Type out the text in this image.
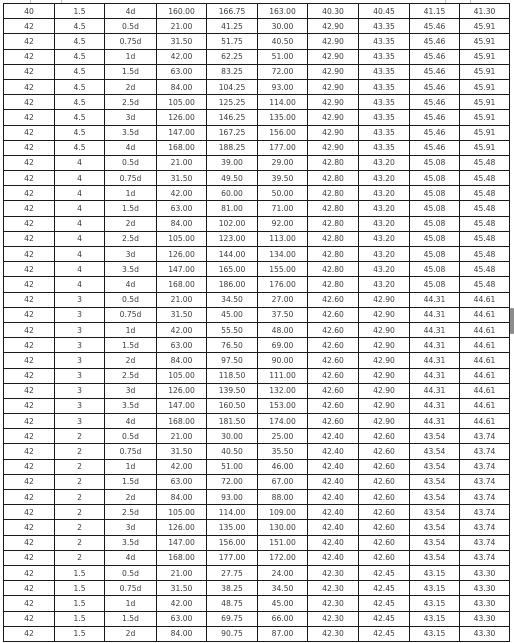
40	1.5	4d	160.00	166.75	163.00	40.30	40.45	41.15	41.30
42	4.5	0.5d	21.00	41.25	30.00	42.90	43.35	45.46	45.91
42	4.5	0.75d	31.50	51.75	40.50	42.90	43.35	45.46	45.91
42	4.5	1d	42.00	62.25	51.00	42.90	43.35	45.46	45.91
42	4.5	1.5d	63.00	83.25	72.00	42.90	43.35	45.46	45.91
42	4.5	2d	84.00	104.25	93.00	42.90	43.35	45.46	45.91
42	4.5	2.5d	105.00	125.25	114.00	42.90	43.35	45.46	45.91
42	4.5	3d	126.00	146.25	135.00	42.90	43.35	45.46	45.91
42	4.5	3.5d	147.00	167.25	156.00	42.90	43.35	45.46	45.91
42	4.5	4d	168.00	188.25	177.00	42.90	43.35	45.46	45.91
42	4	0.5d	21.00	39.00	29.00	42.80	43.20	45.08	45.48
42	4	0.75d	31.50	49.50	39.50	42.80	43.20	45.08	45.48
42	4	1d	42.00	60.00	50.00	42.80	43.20	45.08	45.48
42	4	1.5d	63.00	81.00	71.00	42.80	43.20	45.08	45.48
42	4	2d	84.00	102.00	92.00	42.80	43.20	45.08	45.48
42	4	2.5d	105.00	123.00	113.00	42.80	43.20	45.08	45.48
42	4	3d	126.00	144.00	134.00	42.80	43.20	45.08	45.48
42	4	3.5d	147.00	165.00	155.00	42.80	43.20	45.08	45.48
42	4	4d	168.00	186.00	176.00	42.80	43.20	45.08	45.48
42	3	0.5d	21.00	34.50	27.00	42.60	42.90	44.31	44.61
42	3	0.75d	31.50	45.00	37.50	42.60	42.90	44.31	44.61
42	3	1d	42.00	55.50	48.00	42.60	42.90	44.31	44.61
42	3	1.5d	63.00	76.50	69.00	42.60	42.90	44.31	44.61
42	3	2d	84.00	97.50	90.00	42.60	42.90	44.31	44.61
42	3	2.5d	105.00	118.50	111.00	42.60	42.90	44.31	44.61
42	3	3d	126.00	139.50	132.00	42.60	42.90	44.31	44.61
42	3	3.5d	147.00	160.50	153.00	42.60	42.90	44.31	44.61
42	3	4d	168.00	181.50	174.00	42.60	42.90	44.31	44.61
42	2	0.5d	21.00	30.00	25.00	42.40	42.60	43.54	43.74
42	2	0.75d	31.50	40.50	35.50	42.40	42.60	43.54	43.74
42	2	1d	42.00	51.00	46.00	42.40	42.60	43.54	43.74
42	2	1.5d	63.00	72.00	67.00	42.40	42.60	43.54	43.74
42	2	2d	84.00	93.00	88.00	42.40	42.60	43.54	43.74
42	2	2.5d	105.00	114.00	109.00	42.40	42.60	43.54	43.74
42	2	3d	126.00	135.00	130.00	42.40	42.60	43.54	43.74
42	2	3.5d	147.00	156.00	151.00	42.40	42.60	43.54	43.74
42	2	4d	168.00	177.00	172.00	42.40	42.60	43.54	43.74
42	1.5	0.5d	21.00	27.75	24.00	42.30	42.45	43.15	43.30
42	1.5	0.75d	31.50	38.25	34.50	42.30	42.45	43.15	43.30
42	1.5	1d	42.00	48.75	45.00	42.30	42.45	43.15	43.30
42	1.5	1.5d	63.00	69.75	66.00	42.30	42.45	43.15	43.30
42	1.5	2d	84.00	90.75	87.00	42.30	42.45	43.15	43.30
